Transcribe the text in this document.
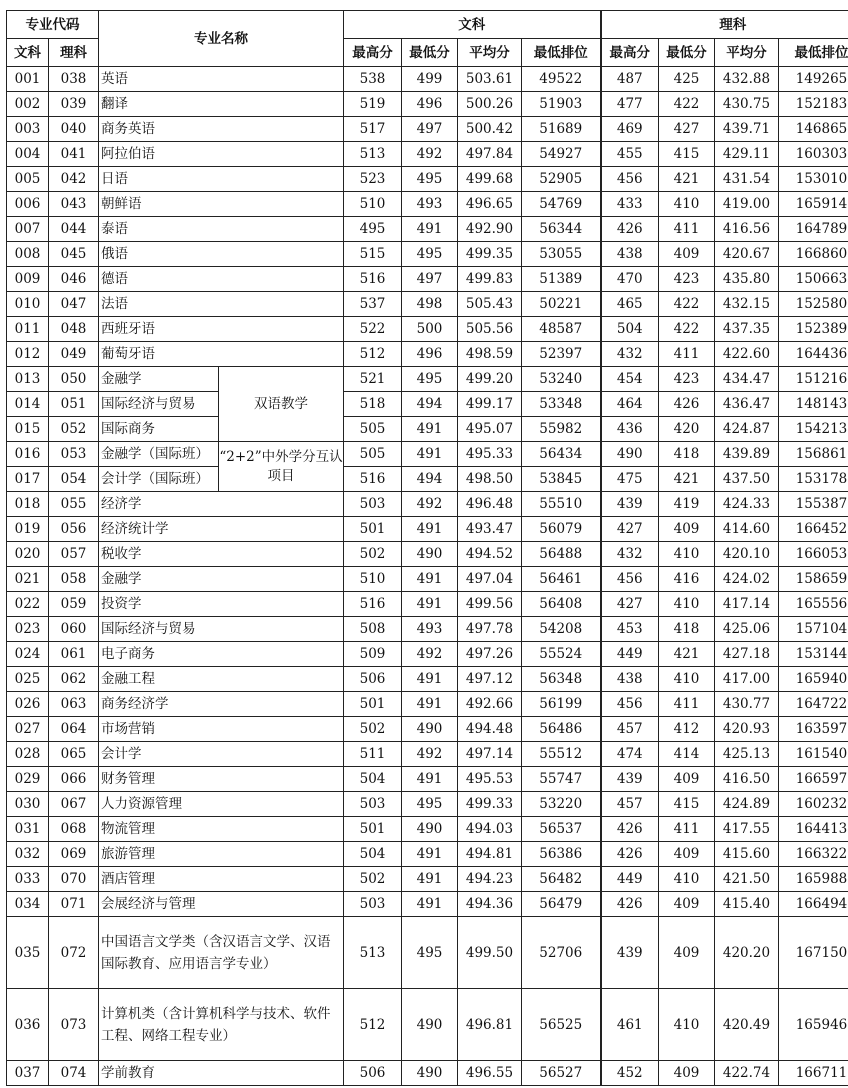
专业代码		专业名称		文科				理科			
文科	理科			最高分	最低分	平均分	最低排位	最高分	最低分	平均分	最低排位
001	038	英语		538	499	503.61	49522	487	425	432.88	149265
002	039	翻译		519	496	500.26	51903	477	422	430.75	152183
003	040	商务英语		517	497	500.42	51689	469	427	439.71	146865
004	041	阿拉伯语		513	492	497.84	54927	455	415	429.11	160303
005	042	日语		523	495	499.68	52905	456	421	431.54	153010
006	043	朝鲜语		510	493	496.65	54769	433	410	419.00	165914
007	044	泰语		495	491	492.90	56344	426	411	416.56	164789
008	045	俄语		515	495	499.35	53055	438	409	420.67	166860
009	046	德语		516	497	499.83	51389	470	423	435.80	150663
010	047	法语		537	498	505.43	50221	465	422	432.15	152580
011	048	西班牙语		522	500	505.56	48587	504	422	437.35	152389
012	049	葡萄牙语		512	496	498.59	52397	432	411	422.60	164436
013	050	金融学	双语教学	521	495	499.20	53240	454	423	434.47	151216
014	051	国际经济与贸易		518	494	499.17	53348	464	426	436.47	148143
015	052	国际商务		505	491	495.07	55982	436	420	424.87	154213
016	053	金融学（国际班）	“2+2”中外学分互认项目	505	491	495.33	56434	490	418	439.89	156861
017	054	会计学（国际班）		516	494	498.50	53845	475	421	437.50	153178
018	055	经济学		503	492	496.48	55510	439	419	424.33	155387
019	056	经济统计学		501	491	493.47	56079	427	409	414.60	166452
020	057	税收学		502	490	494.52	56488	432	410	420.10	166053
021	058	金融学		510	491	497.04	56461	456	416	424.02	158659
022	059	投资学		516	491	499.56	56408	427	410	417.14	165556
023	060	国际经济与贸易		508	493	497.78	54208	453	418	425.06	157104
024	061	电子商务		509	492	497.26	55524	449	421	427.18	153144
025	062	金融工程		506	491	497.12	56348	438	410	417.00	165940
026	063	商务经济学		501	491	492.66	56199	456	411	430.77	164722
027	064	市场营销		502	490	494.48	56486	457	412	420.93	163597
028	065	会计学		511	492	497.14	55512	474	414	425.13	161540
029	066	财务管理		504	491	495.53	55747	439	409	416.50	166597
030	067	人力资源管理		503	495	499.33	53220	457	415	424.89	160232
031	068	物流管理		501	490	494.03	56537	426	411	417.55	164413
032	069	旅游管理		504	491	494.81	56386	426	409	415.60	166322
033	070	酒店管理		502	491	494.23	56482	449	410	421.50	165988
034	071	会展经济与管理		503	491	494.36	56479	426	409	415.40	166494
035	072	中国语言文学类（含汉语言文学、汉语国际教育、应用语言学专业）		513	495	499.50	52706	439	409	420.20	167150
036	073	计算机类（含计算机科学与技术、软件工程、网络工程专业）		512	490	496.81	56525	461	410	420.49	165946
037	074	学前教育		506	490	496.55	56527	452	409	422.74	166711
